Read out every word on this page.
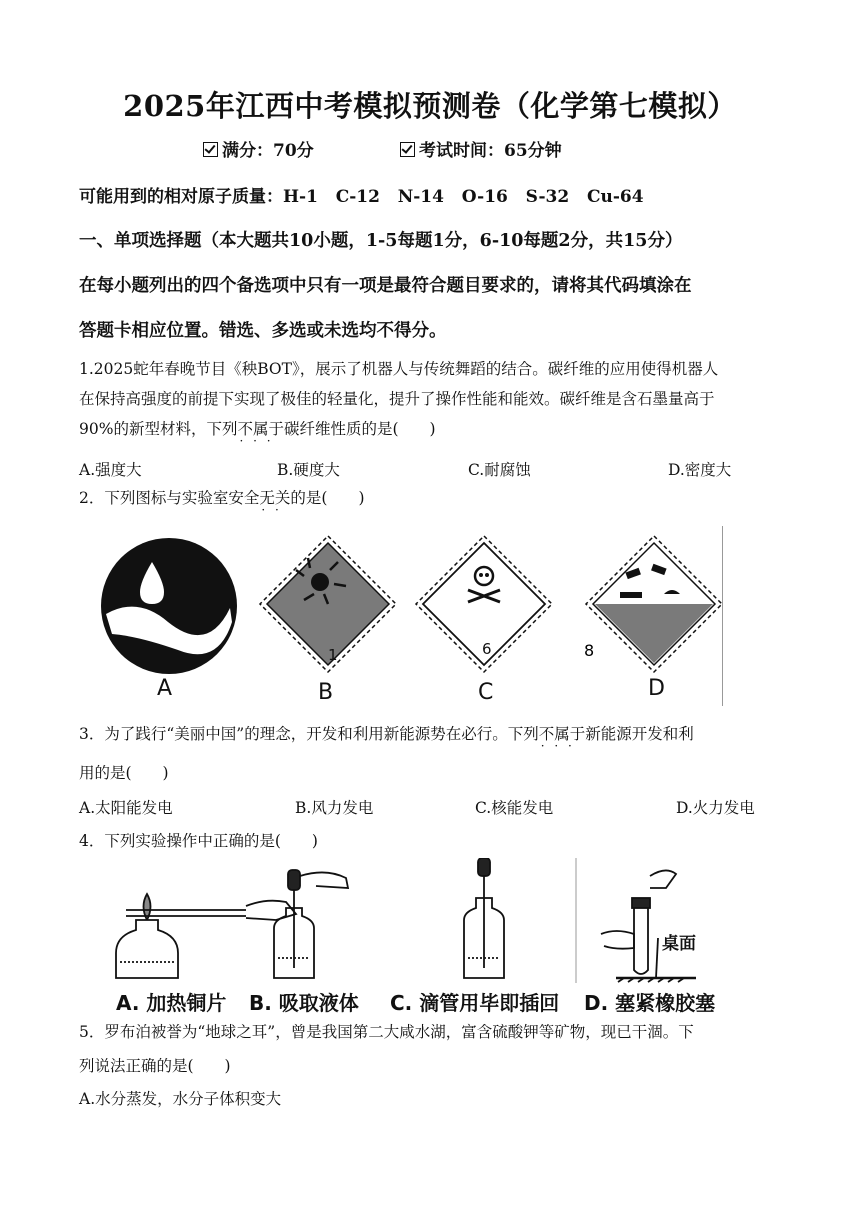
2025年江西中考模拟预测卷（化学第七模拟）
满分：70分	考试时间：65分钟
可能用到的相对原子质量：H-1   C-12   N-14   O-16   S-32   Cu-64
一、单项选择题（本大题共10小题，1-5每题1分，6-10每题2分，共15分）
在每小题列出的四个备选项中只有一项是最符合题目要求的，请将其代码填涂在
答题卡相应位置。错选、多选或未选均不得分。
1.2025蛇年春晚节目《秧BOT》，展示了机器人与传统舞蹈的结合。碳纤维的应用使得机器人
在保持高强度的前提下实现了极佳的轻量化，提升了操作性能和能效。碳纤维是含石墨量高于
90%的新型材料，下列不属于 · · ·碳纤维性质的是(　　)
A.强度大	B.硬度大	C.耐腐蚀	D.密度大
2．下列图标与实验室安全无关 · ·的是(　　)
8
A	B	C	D
1	6
3．为了践行“美丽中国”的理念，开发和利用新能源势在必行。下列不属于 · · ·新能源开发和利
用的是(　　)
A.太阳能发电	B.风力发电	C.核能发电	D.火力发电
4．下列实验操作中正确的是(　　)
桌面
A. 加热铜片 B. 吸取液体 C. 滴管用毕即插回 D. 塞紧橡胶塞
5．罗布泊被誉为“地球之耳”，曾是我国第二大咸水湖，富含硫酸钾等矿物，现已干涸。下
列说法正确的是(　　)
A.水分蒸发，水分子体积变大
